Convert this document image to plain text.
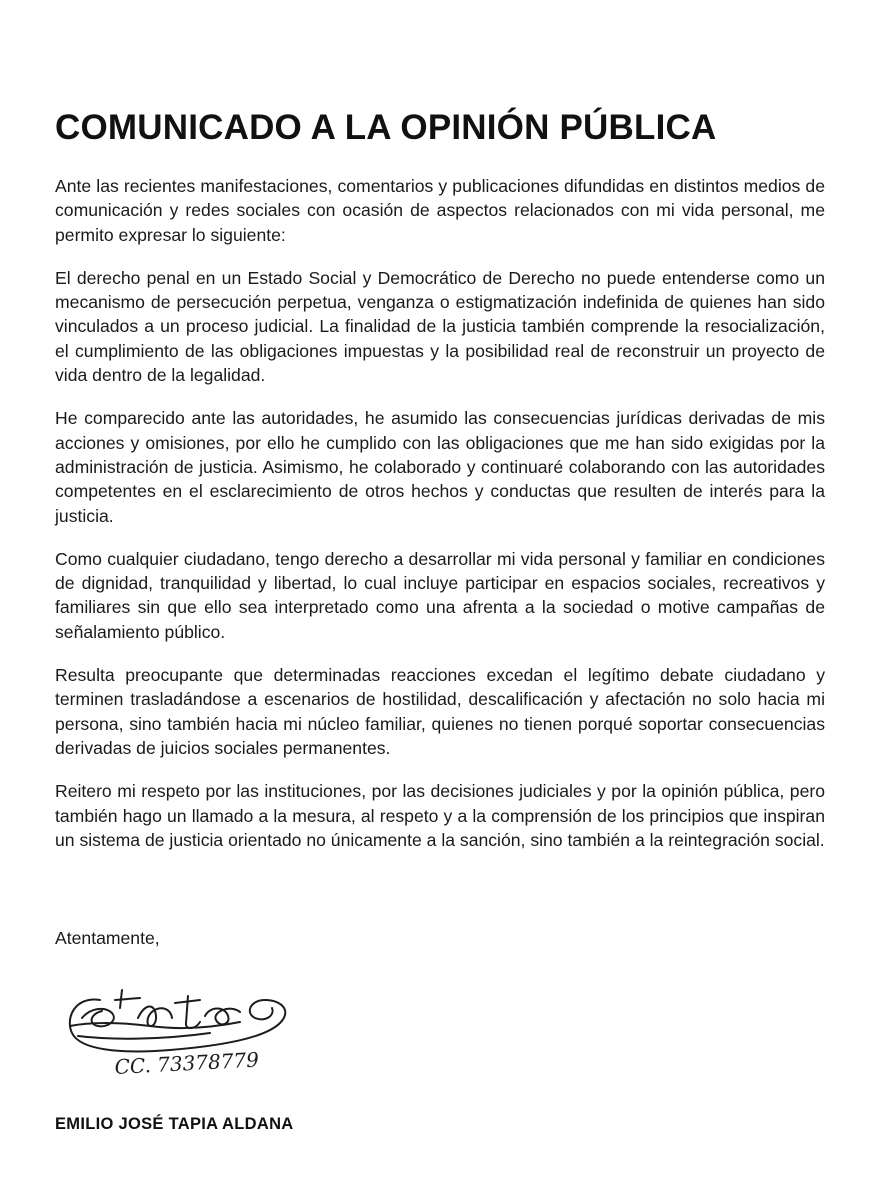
COMUNICADO A LA OPINIÓN PÚBLICA

Ante las recientes manifestaciones, comentarios y publicaciones difundidas en distintos medios de comunicación y redes sociales con ocasión de aspectos relacionados con mi vida personal, me permito expresar lo siguiente:

El derecho penal en un Estado Social y Democrático de Derecho no puede entenderse como un mecanismo de persecución perpetua, venganza o estigmatización indefinida de quienes han sido vinculados a un proceso judicial. La finalidad de la justicia también comprende la resocialización, el cumplimiento de las obligaciones impuestas y la posibilidad real de reconstruir un proyecto de vida dentro de la legalidad.

He comparecido ante las autoridades, he asumido las consecuencias jurídicas derivadas de mis acciones y omisiones, por ello he cumplido con las obligaciones que me han sido exigidas por la administración de justicia. Asimismo, he colaborado y continuaré colaborando con las autoridades competentes en el esclarecimiento de otros hechos y conductas que resulten de interés para la justicia.

Como cualquier ciudadano, tengo derecho a desarrollar mi vida personal y familiar en condiciones de dignidad, tranquilidad y libertad, lo cual incluye participar en espacios sociales, recreativos y familiares sin que ello sea interpretado como una afrenta a la sociedad o motive campañas de señalamiento público.

Resulta preocupante que determinadas reacciones excedan el legítimo debate ciudadano y terminen trasladándose a escenarios de hostilidad, descalificación y afectación no solo hacia mi persona, sino también hacia mi núcleo familiar, quienes no tienen porqué soportar consecuencias derivadas de juicios sociales permanentes.

Reitero mi respeto por las instituciones, por las decisiones judiciales y por la opinión pública, pero también hago un llamado a la mesura, al respeto y a la comprensión de los principios que inspiran un sistema de justicia orientado no únicamente a la sanción, sino también a la reintegración social.

Atentamente,

CC. 73378779

EMILIO JOSÉ TAPIA ALDANA
